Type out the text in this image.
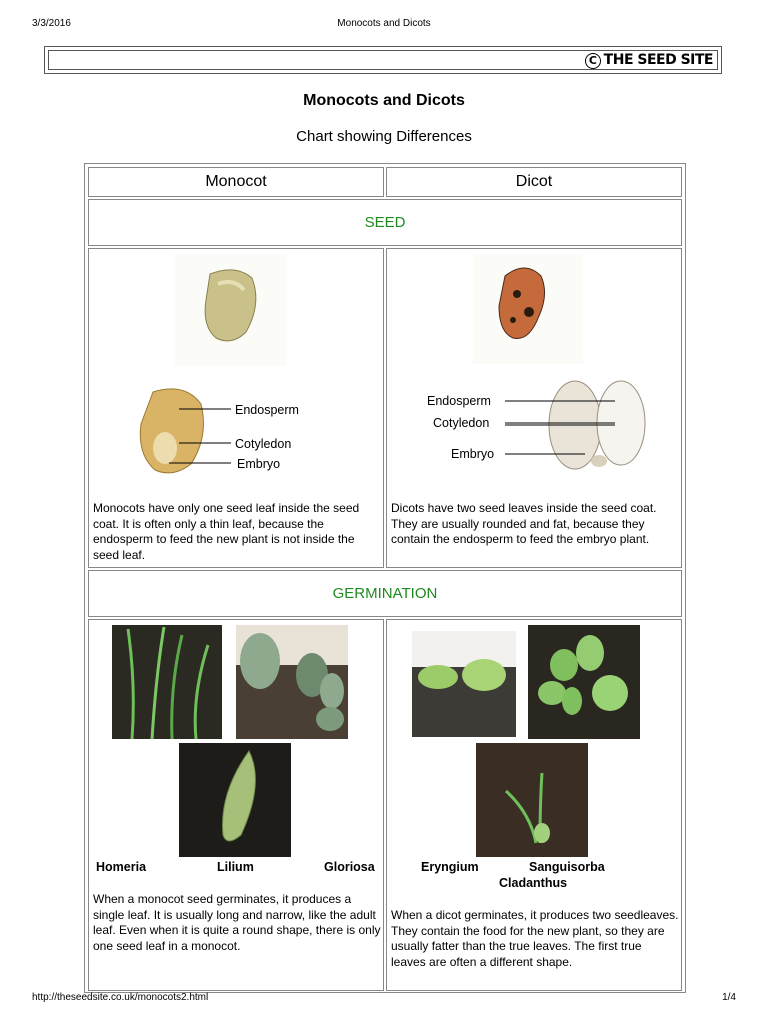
3/3/2016	Monocots and Dicots
C THE SEED SITE
Monocots and Dicots
Chart showing Differences
Monocot	Dicot
SEED
Endosperm
Cotyledon
Embryo
Monocots have only one seed leaf inside the seed coat. It is often only a thin leaf, because the endosperm to feed the new plant is not inside the seed leaf.
Endosperm
Cotyledon
Embryo
Dicots have two seed leaves inside the seed coat. They are usually rounded and fat, because they contain the endosperm to feed the embryo plant.
GERMINATION
Homeria	Lilium	Gloriosa
When a monocot seed germinates, it produces a single leaf. It is usually long and narrow, like the adult leaf. Even when it is quite a round shape, there is only one seed leaf in a monocot.
Eryngium	Sanguisorba
Cladanthus
When a dicot germinates, it produces two seedleaves. They contain the food for the new plant, so they are usually fatter than the true leaves. The first true leaves are often a different shape.
http://theseedsite.co.uk/monocots2.html	1/4
